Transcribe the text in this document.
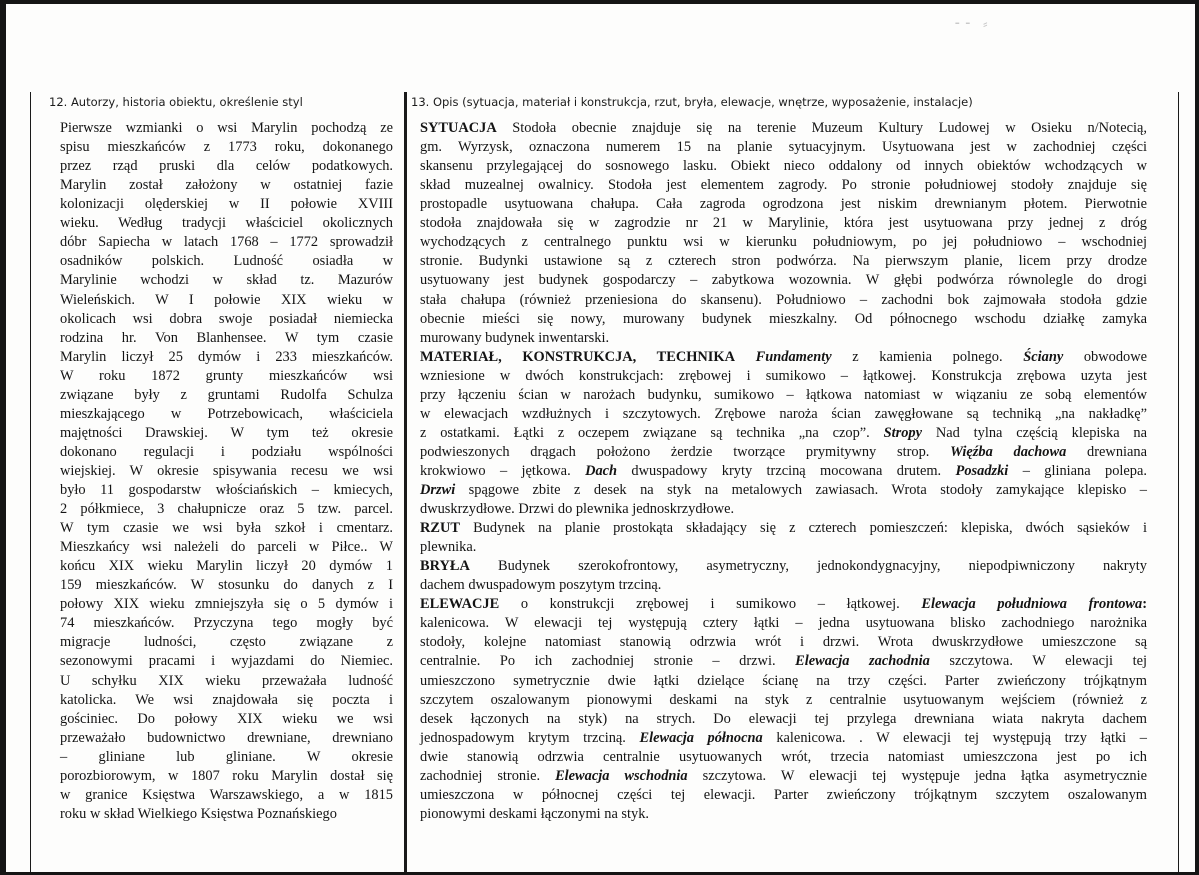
⁃⁃ ⸗
12. Autorzy, historia obiektu, określenie styl	13. Opis (sytuacja, materiał i konstrukcja, rzut, bryła, elewacje, wnętrze, wyposażenie, instalacje)
Pierwsze wzmianki o wsi Marylin pochodzą ze
spisu mieszkańców z 1773 roku, dokonanego
przez rząd pruski dla celów podatkowych.
Marylin został założony w ostatniej fazie
kolonizacji olęderskiej w II połowie XVIII
wieku. Według tradycji właściciel okolicznych
dóbr Sapiecha w latach 1768 – 1772 sprowadził
osadników polskich. Ludność osiadła w
Marylinie wchodzi w skład tz. Mazurów
Wieleńskich. W I połowie XIX wieku w
okolicach wsi dobra swoje posiadał niemiecka
rodzina hr. Von Blanhensee. W tym czasie
Marylin liczył 25 dymów i 233 mieszkańców.
W roku 1872 grunty mieszkańców wsi
związane były z gruntami Rudolfa Schulza
mieszkającego w Potrzebowicach, właściciela
majętności Drawskiej. W tym też okresie
dokonano regulacji i podziału wspólności
wiejskiej. W okresie spisywania recesu we wsi
było 11 gospodarstw włościańskich – kmiecych,
2 półkmiece, 3 chałupnicze oraz 5 tzw. parcel.
W tym czasie we wsi była szkoł i cmentarz.
Mieszkańcy wsi należeli do parceli w Piłce.. W
końcu XIX wieku Marylin liczył 20 dymów 1
159 mieszkańców. W stosunku do danych z I
połowy XIX wieku zmniejszyła się o 5 dymów i
74 mieszkańców. Przyczyna tego mogły być
migracje ludności, często związane z
sezonowymi pracami i wyjazdami do Niemiec.
U schyłku XIX wieku przeważała ludność
katolicka. We wsi znajdowała się poczta i
gościniec. Do połowy XIX wieku we wsi
przeważało budownictwo drewniane, drewniano
– gliniane lub gliniane. W okresie
porozbiorowym, w 1807 roku Marylin dostał się
w granice Księstwa Warszawskiego, a w 1815
roku w skład Wielkiego Księstwa Poznańskiego
SYTUACJA Stodoła obecnie znajduje się na terenie Muzeum Kultury Ludowej w Osieku n/Notecią,
gm. Wyrzysk, oznaczona numerem 15 na planie sytuacyjnym. Usytuowana jest w zachodniej części
skansenu przylegającej do sosnowego lasku. Obiekt nieco oddalony od innych obiektów wchodzących w
skład muzealnej owalnicy. Stodoła jest elementem zagrody. Po stronie południowej stodoły znajduje się
prostopadle usytuowana chałupa. Cała zagroda ogrodzona jest niskim drewnianym płotem. Pierwotnie
stodoła znajdowała się w zagrodzie nr 21 w Marylinie, która jest usytuowana przy jednej z dróg
wychodzących z centralnego punktu wsi w kierunku południowym, po jej południowo – wschodniej
stronie. Budynki ustawione są z czterech stron podwórza. Na pierwszym planie, licem przy drodze
usytuowany jest budynek gospodarczy – zabytkowa wozownia. W głębi podwórza równolegle do drogi
stała chałupa (również przeniesiona do skansenu). Południowo – zachodni bok zajmowała stodoła gdzie
obecnie mieści się nowy, murowany budynek mieszkalny. Od północnego wschodu działkę zamyka
murowany budynek inwentarski.
MATERIAŁ, KONSTRUKCJA, TECHNIKA Fundamenty z kamienia polnego. Ściany obwodowe
wzniesione w dwóch konstrukcjach: zrębowej i sumikowo – łątkowej. Konstrukcja zrębowa uzyta jest
przy łączeniu ścian w narożach budynku, sumikowo – łątkowa natomiast w wiązaniu ze sobą elementów
w elewacjach wzdłużnych i szczytowych. Zrębowe naroża ścian zawęgłowane są techniką „na nakładkę”
z ostatkami. Łątki z oczepem związane są technika „na czop”. Stropy Nad tylna częścią klepiska na
podwieszonych drągach położono żerdzie tworzące prymitywny strop. Więźba dachowa drewniana
krokwiowo – jętkowa. Dach dwuspadowy kryty trzciną mocowana drutem. Posadzki – gliniana polepa.
Drzwi spągowe zbite z desek na styk na metalowych zawiasach. Wrota stodoły zamykające klepisko –
dwuskrzydłowe. Drzwi do plewnika jednoskrzydłowe.
RZUT Budynek na planie prostokąta składający się z czterech pomieszczeń: klepiska, dwóch sąsieków i
plewnika.
BRYŁA Budynek szerokofrontowy, asymetryczny, jednokondygnacyjny, niepodpiwniczony nakryty
dachem dwuspadowym poszytym trzciną.
ELEWACJE o konstrukcji zrębowej i sumikowo – łątkowej. Elewacja południowa frontowa:
kalenicowa. W elewacji tej występują cztery łątki – jedna usytuowana blisko zachodniego narożnika
stodoły, kolejne natomiast stanowią odrzwia wrót i drzwi. Wrota dwuskrzydłowe umieszczone są
centralnie. Po ich zachodniej stronie – drzwi. Elewacja zachodnia szczytowa. W elewacji tej
umieszczono symetrycznie dwie łątki dzielące ścianę na trzy części. Parter zwieńczony trójkątnym
szczytem oszalowanym pionowymi deskami na styk z centralnie usytuowanym wejściem (również z
desek łączonych na styk) na strych. Do elewacji tej przylega drewniana wiata nakryta dachem
jednospadowym krytym trzciną. Elewacja północna kalenicowa. . W elewacji tej występują trzy łątki –
dwie stanowią odrzwia centralnie usytuowanych wrót, trzecia natomiast umieszczona jest po ich
zachodniej stronie. Elewacja wschodnia szczytowa. W elewacji tej występuje jedna łątka asymetrycznie
umieszczona w północnej części tej elewacji. Parter zwieńczony trójkątnym szczytem oszalowanym
pionowymi deskami łączonymi na styk.
